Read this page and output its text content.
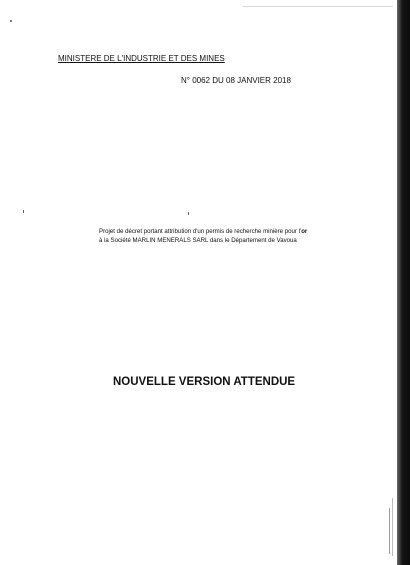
MINISTERE DE L'INDUSTRIE ET DES MINES
N° 0062 DU 08 JANVIER 2018
Projet de décret portant attribution d'un permis de recherche minière pour l'or
à la Société MARLIN MENERALS SARL dans le Département de Vavoua
NOUVELLE VERSION ATTENDUE
